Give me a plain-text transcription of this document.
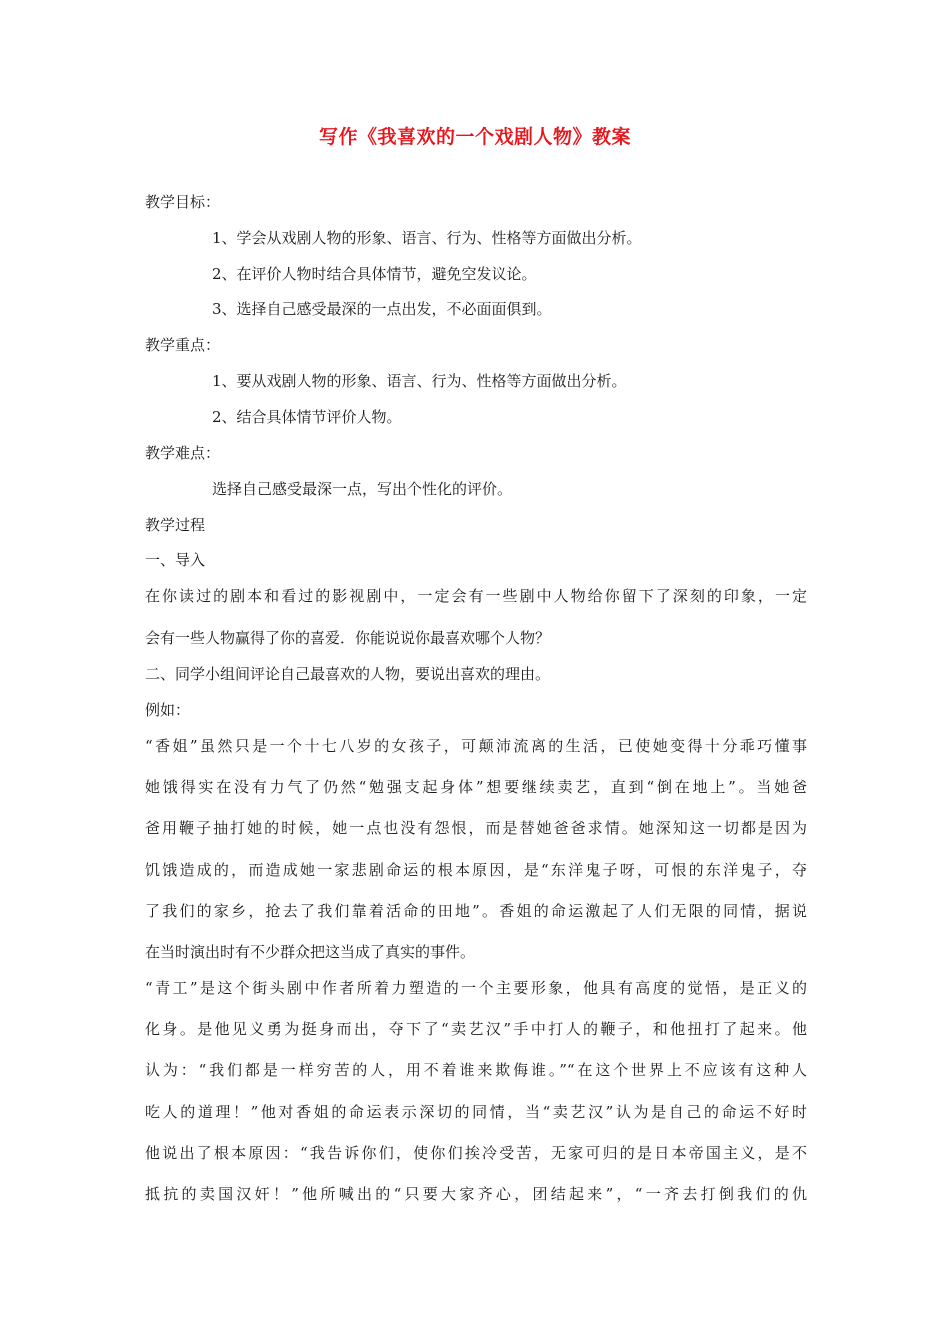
写作《我喜欢的一个戏剧人物》教案
教学目标：
1、学会从戏剧人物的形象、语言、行为、性格等方面做出分析。
2、在评价人物时结合具体情节，避免空发议论。
3、选择自己感受最深的一点出发，不必面面俱到。
教学重点：
1、要从戏剧人物的形象、语言、行为、性格等方面做出分析。
2、结合具体情节评价人物。
教学难点：
选择自己感受最深一点，写出个性化的评价。
教学过程
一、导入
在你读过的剧本和看过的影视剧中，一定会有一些剧中人物给你留下了深刻的印象，一定
会有一些人物赢得了你的喜爱．你能说说你最喜欢哪个人物？
二、同学小组间评论自己最喜欢的人物，要说出喜欢的理由。
例如：
“香姐”虽然只是一个十七八岁的女孩子，可颠沛流离的生活，已使她变得十分乖巧懂事
她饿得实在没有力气了仍然“勉强支起身体”想要继续卖艺，直到“倒在地上”。当她爸
爸用鞭子抽打她的时候，她一点也没有怨恨，而是替她爸爸求情。她深知这一切都是因为
饥饿造成的，而造成她一家悲剧命运的根本原因，是“东洋鬼子呀，可恨的东洋鬼子，夺
了我们的家乡，抢去了我们靠着活命的田地”。香姐的命运激起了人们无限的同情，据说
在当时演出时有不少群众把这当成了真实的事件。
“青工”是这个街头剧中作者所着力塑造的一个主要形象，他具有高度的觉悟，是正义的
化身。是他见义勇为挺身而出，夺下了“卖艺汉”手中打人的鞭子，和他扭打了起来。他
认为：“我们都是一样穷苦的人，用不着谁来欺侮谁。”“在这个世界上不应该有这种人
吃人的道理！”他对香姐的命运表示深切的同情，当“卖艺汉”认为是自己的命运不好时
他说出了根本原因：“我告诉你们，使你们挨冷受苦，无家可归的是日本帝国主义，是不
抵抗的卖国汉奸！”他所喊出的“只要大家齐心，团结起来”，“一齐去打倒我们的仇
